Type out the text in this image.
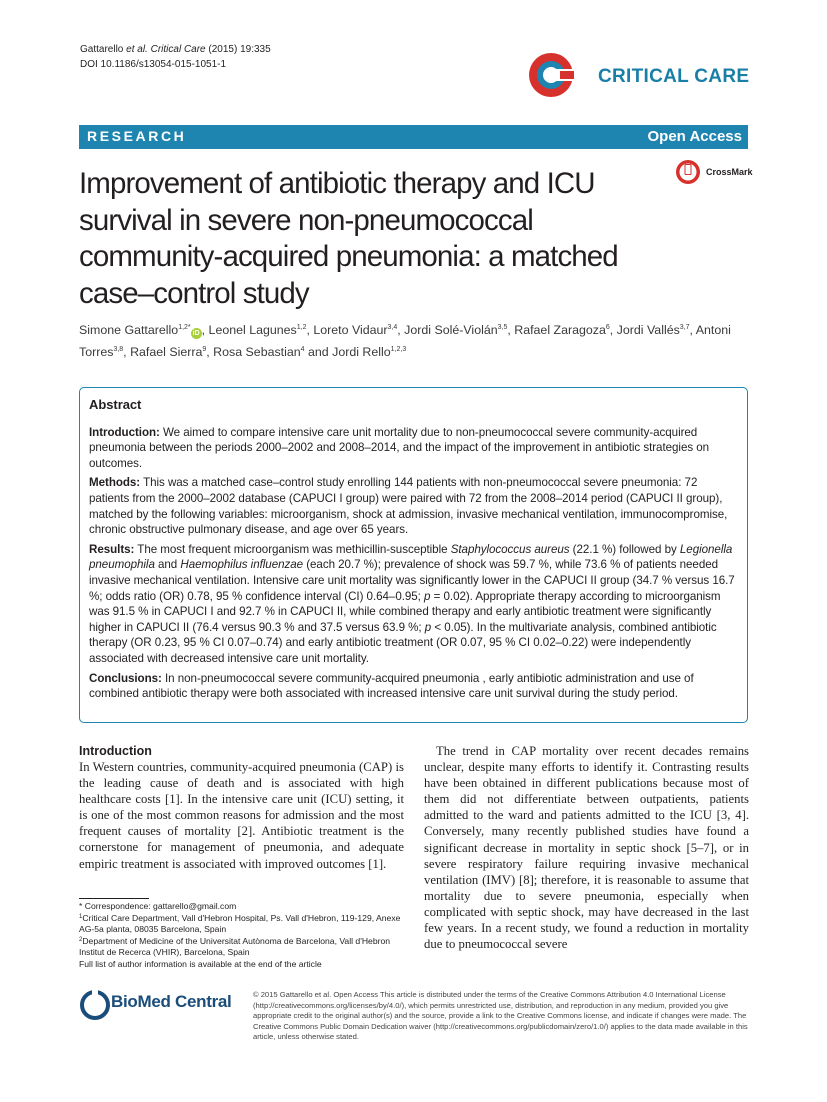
Gattarello et al. Critical Care (2015) 19:335
DOI 10.1186/s13054-015-1051-1
CRITICAL CARE
RESEARCH	Open Access
Improvement of antibiotic therapy and ICU survival in severe non-pneumococcal community-acquired pneumonia: a matched case–control study
CrossMark
Simone Gattarello$^{1,2*}$iD , Leonel Lagunes$^{1,2}$, Loreto Vidaur$^{3,4}$, Jordi Solé-Violán$^{3,5}$, Rafael Zaragoza$^6$, Jordi Vallés$^{3,7}$, Antoni Torres$^{3,8}$, Rafael Sierra$^9$, Rosa Sebastian$^4$ and Jordi Rello$^{1,2,3}$
Abstract

Introduction: We aimed to compare intensive care unit mortality due to non-pneumococcal severe community-acquired pneumonia between the periods 2000–2002 and 2008–2014, and the impact of the improvement in antibiotic strategies on outcomes.

Methods: This was a matched case–control study enrolling 144 patients with non-pneumococcal severe pneumonia: 72 patients from the 2000–2002 database (CAPUCI I group) were paired with 72 from the 2008–2014 period (CAPUCI II group), matched by the following variables: microorganism, shock at admission, invasive mechanical ventilation, immunocompromise, chronic obstructive pulmonary disease, and age over 65 years.

Results: The most frequent microorganism was methicillin-susceptible Staphylococcus aureus (22.1 %) followed by Legionella pneumophila and Haemophilus influenzae (each 20.7 %); prevalence of shock was 59.7 %, while 73.6 % of patients needed invasive mechanical ventilation. Intensive care unit mortality was significantly lower in the CAPUCI II group (34.7 % versus 16.7 %; odds ratio (OR) 0.78, 95 % confidence interval (CI) 0.64–0.95; p = 0.02). Appropriate therapy according to microorganism was 91.5 % in CAPUCI I and 92.7 % in CAPUCI II, while combined therapy and early antibiotic treatment were significantly higher in CAPUCI II (76.4 versus 90.3 % and 37.5 versus 63.9 %; p < 0.05). In the multivariate analysis, combined antibiotic therapy (OR 0.23, 95 % CI 0.07–0.74) and early antibiotic treatment (OR 0.07, 95 % CI 0.02–0.22) were independently associated with decreased intensive care unit mortality.

Conclusions: In non-pneumococcal severe community-acquired pneumonia , early antibiotic administration and use of combined antibiotic therapy were both associated with increased intensive care unit survival during the study period.

Introduction

In Western countries, community-acquired pneumonia (CAP) is the leading cause of death and is associated with high healthcare costs [1]. In the intensive care unit (ICU) setting, it is one of the most common reasons for admission and the most frequent causes of mortality [2]. Antibiotic treatment is the cornerstone for management of pneumonia, and adequate empiric treatment is associated with improved outcomes [1].

The trend in CAP mortality over recent decades remains unclear, despite many efforts to identify it. Contrasting results have been obtained in different publications because most of them did not differentiate between outpatients, patients admitted to the ward and patients admitted to the ICU [3, 4]. Conversely, many recently published studies have found a significant decrease in mortality in septic shock [5–7], or in severe respiratory failure requiring invasive mechanical ventilation (IMV) [8]; therefore, it is reasonable to assume that mortality due to severe pneumonia, especially when complicated with septic shock, may have decreased in the last few years. In a recent study, we found a reduction in mortality due to pneumococcal severe

* Correspondence: gattarello@gmail.com

$^1$Critical Care Department, Vall d'Hebron Hospital, Ps. Vall d'Hebron, 119-129, Anexe AG-5a planta, 08035 Barcelona, Spain

$^2$Department of Medicine of the Universitat Autònoma de Barcelona, Vall d'Hebron Institut de Recerca (VHIR), Barcelona, Spain

Full list of author information is available at the end of the article

BioMed Central	© 2015 Gattarello et al. Open Access This article is distributed under the terms of the Creative Commons Attribution 4.0 International License (http://creativecommons.org/licenses/by/4.0/), which permits unrestricted use, distribution, and reproduction in any medium, provided you give appropriate credit to the original author(s) and the source, provide a link to the Creative Commons license, and indicate if changes were made. The Creative Commons Public Domain Dedication waiver (http://creativecommons.org/publicdomain/zero/1.0/) applies to the data made available in this article, unless otherwise stated.
